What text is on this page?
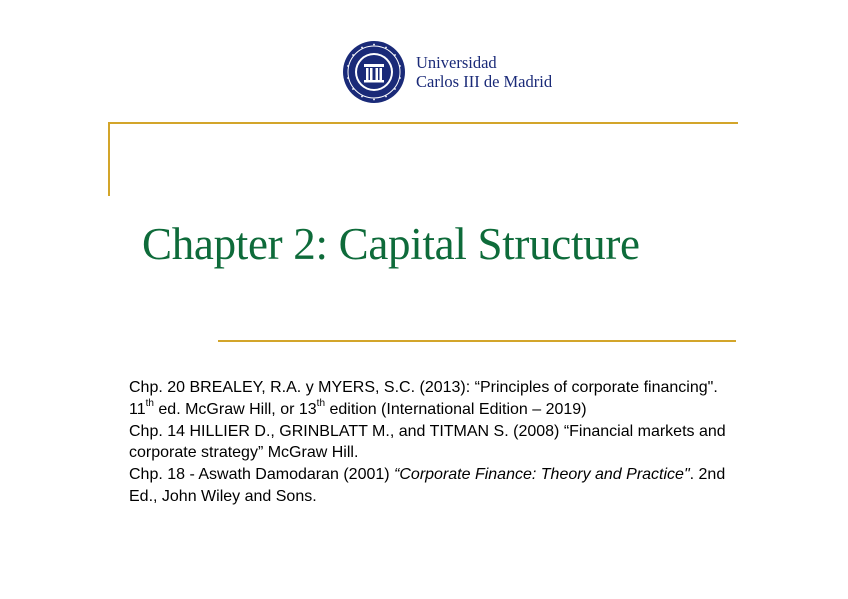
Universidad
Carlos III de Madrid
Chapter 2: Capital Structure

Chp. 20 BREALEY, R.A. y MYERS, S.C. (2013): “Principles of corporate financing". 11th ed. McGraw Hill, or 13th edition (International Edition – 2019)

Chp. 14 HILLIER D., GRINBLATT M., and TITMAN S. (2008) “Financial markets and corporate strategy” McGraw Hill.

Chp. 18 - Aswath Damodaran (2001) “Corporate Finance: Theory and Practice". 2nd Ed., John Wiley and Sons.
